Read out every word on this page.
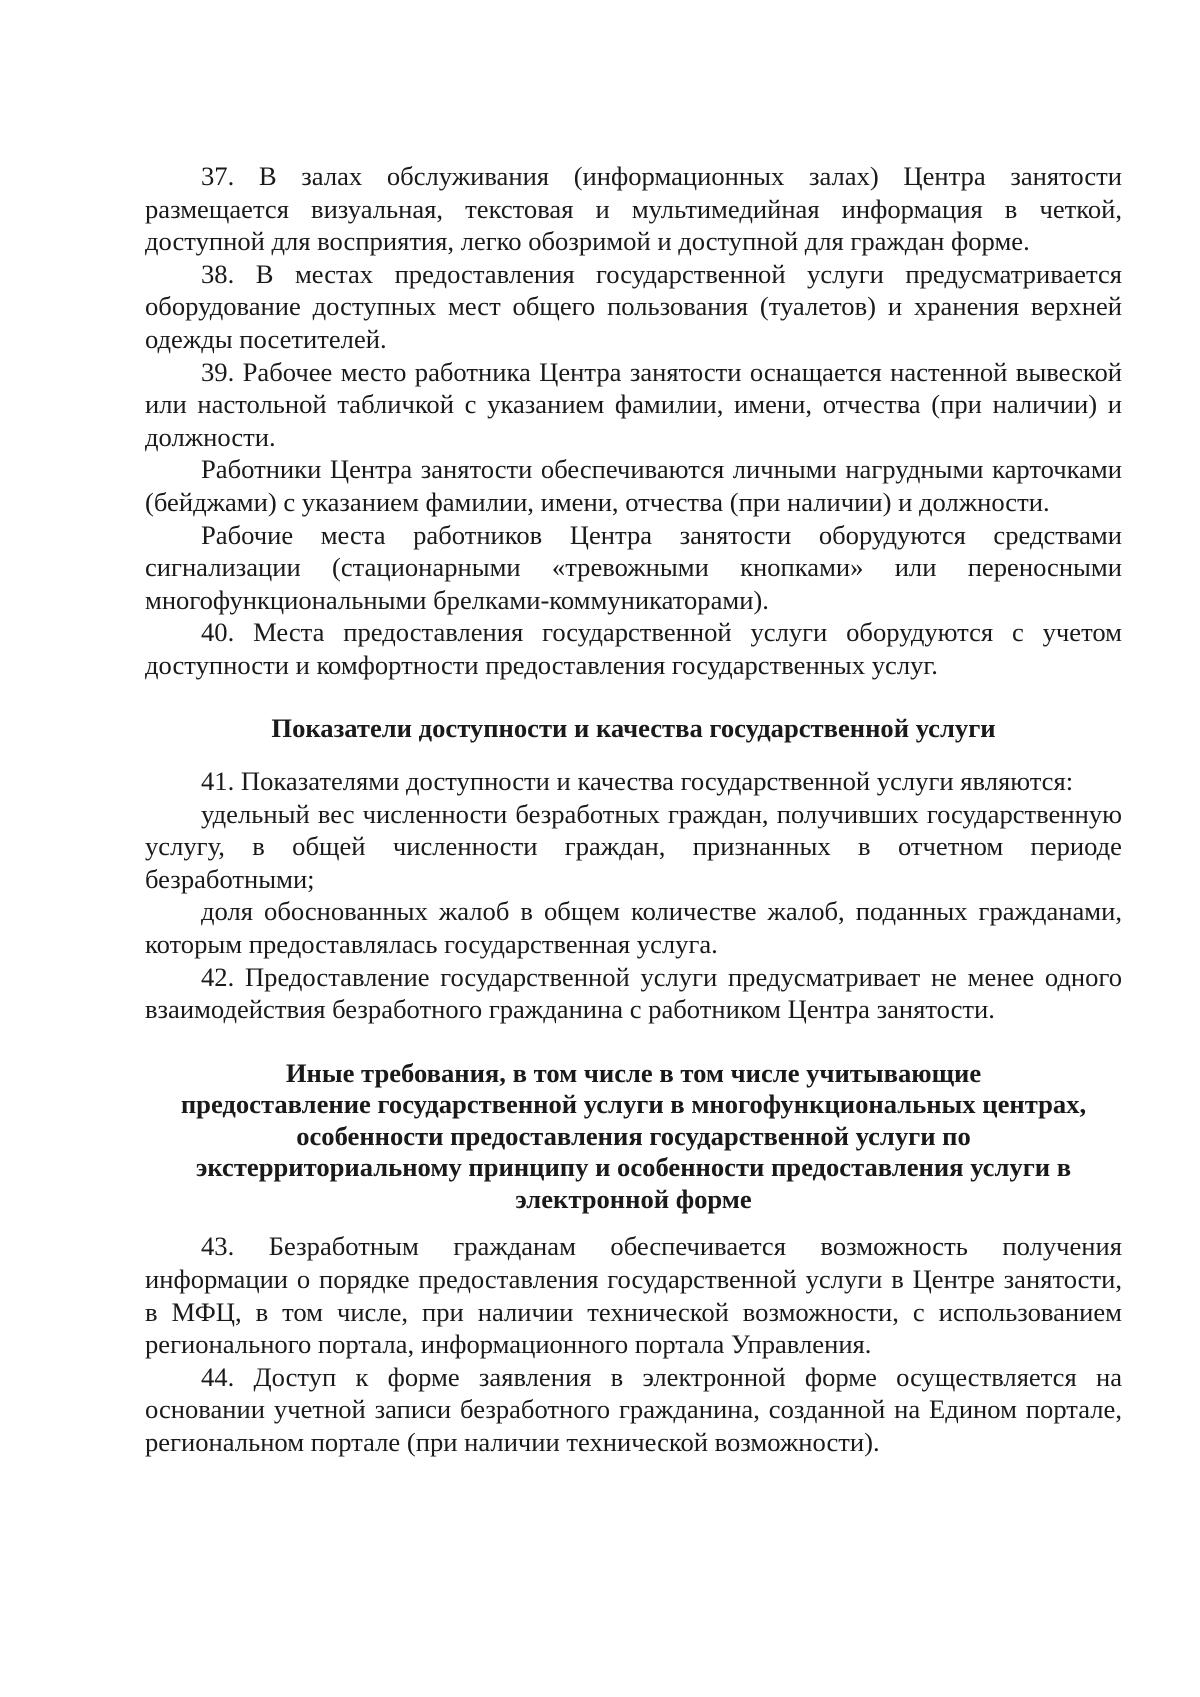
37. В залах обслуживания (информационных залах) Центра занятости размещается визуальная, текстовая и мультимедийная информация в четкой, доступной для восприятия, легко обозримой и доступной для граждан форме.

38. В местах предоставления государственной услуги предусматривается оборудование доступных мест общего пользования (туалетов) и хранения верхней одежды посетителей.

39. Рабочее место работника Центра занятости оснащается настенной вывеской или настольной табличкой с указанием фамилии, имени, отчества (при наличии) и должности.

Работники Центра занятости обеспечиваются личными нагрудными карточками (бейджами) с указанием фамилии, имени, отчества (при наличии) и должности.

Рабочие места работников Центра занятости оборудуются средствами сигнализации (стационарными «тревожными кнопками» или переносными многофункциональными брелками-коммуникаторами).

40. Места предоставления государственной услуги оборудуются с учетом доступности и комфортности предоставления государственных услуг.

Показатели доступности и качества государственной услуги

41. Показателями доступности и качества государственной услуги являются:

удельный вес численности безработных граждан, получивших государственную услугу, в общей численности граждан, признанных в отчетном периоде безработными;

доля обоснованных жалоб в общем количестве жалоб, поданных гражданами, которым предоставлялась государственная услуга.

42. Предоставление государственной услуги предусматривает не менее одного взаимодействия безработного гражданина с работником Центра занятости.

Иные требования, в том числе в том числе учитывающие
предоставление государственной услуги в многофункциональных центрах,
особенности предоставления государственной услуги по
экстерриториальному принципу и особенности предоставления услуги в
электронной форме

43. Безработным гражданам обеспечивается возможность получения информации о порядке предоставления государственной услуги в Центре занятости, в МФЦ, в том числе, при наличии технической возможности, с использованием регионального портала, информационного портала Управления.

44. Доступ к форме заявления в электронной форме осуществляется на основании учетной записи безработного гражданина, созданной на Едином портале, региональном портале (при наличии технической возможности).
